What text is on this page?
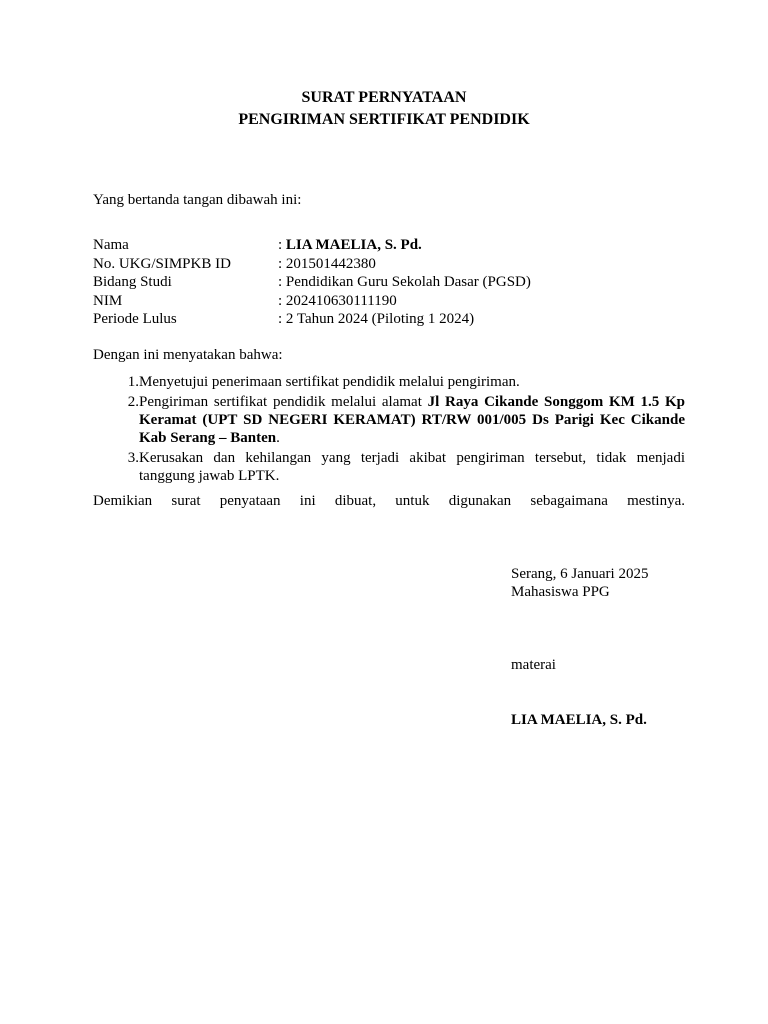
SURAT PERNYATAAN
PENGIRIMAN SERTIFIKAT PENDIDIK
Yang bertanda tangan dibawah ini:
Nama	: LIA MAELIA, S. Pd.
No. UKG/SIMPKB ID	: 201501442380
Bidang Studi	: Pendidikan Guru Sekolah Dasar (PGSD)
NIM	: 202410630111190
Periode Lulus	: 2 Tahun 2024 (Piloting 1 2024)
Dengan ini menyatakan bahwa:
1. Menyetujui penerimaan sertifikat pendidik melalui pengiriman.
2. Pengiriman sertifikat pendidik melalui alamat Jl Raya Cikande Songgom KM 1.5 Kp Keramat (UPT SD NEGERI KERAMAT) RT/RW 001/005 Ds Parigi Kec Cikande Kab Serang – Banten.
3. Kerusakan dan kehilangan yang terjadi akibat pengiriman tersebut, tidak menjadi tanggung jawab LPTK.
Demikian surat penyataan ini dibuat, untuk digunakan sebagaimana mestinya.
Serang, 6 Januari 2025
Mahasiswa PPG
materai
LIA MAELIA, S. Pd.
